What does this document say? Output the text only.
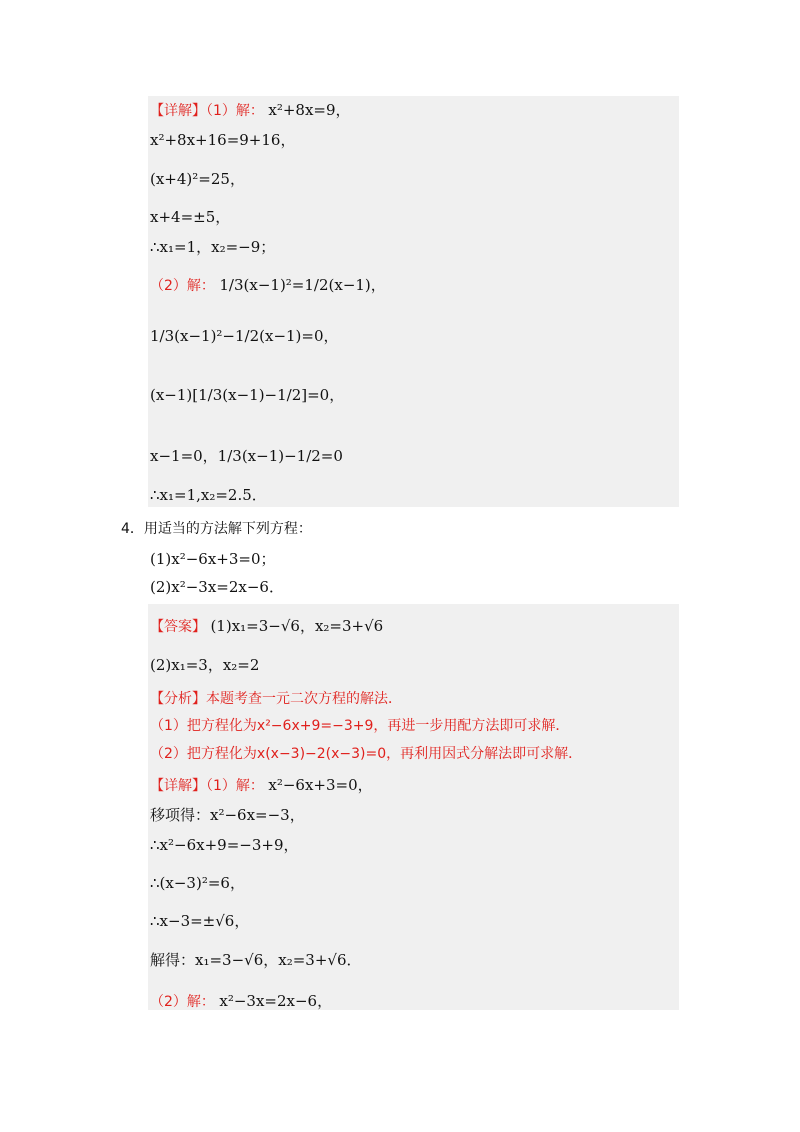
【详解】（1）解： x²+8x=9，
x²+8x+16=9+16，
(x+4)²=25，
x+4=±5，
∴x₁=1，x₂=−9；
（2）解： 1/3(x−1)²=1/2(x−1)，
1/3(x−1)²−1/2(x−1)=0，
(x−1)[1/3(x−1)−1/2]=0，
x−1=0，1/3(x−1)−1/2=0
∴x₁=1,x₂=2.5．
4．用适当的方法解下列方程：
(1)x²−6x+3=0；
(2)x²−3x=2x−6．
【答案】 (1)x₁=3−√6，x₂=3+√6
(2)x₁=3，x₂=2
【分析】本题考查一元二次方程的解法．
（1）把方程化为x²−6x+9=−3+9，再进一步用配方法即可求解．
（2）把方程化为x(x−3)−2(x−3)=0，再利用因式分解法即可求解．
【详解】（1）解： x²−6x+3=0，
移项得：x²−6x=−3，
∴x²−6x+9=−3+9，
∴(x−3)²=6，
∴x−3=±√6，
解得：x₁=3−√6，x₂=3+√6．
（2）解： x²−3x=2x−6，
